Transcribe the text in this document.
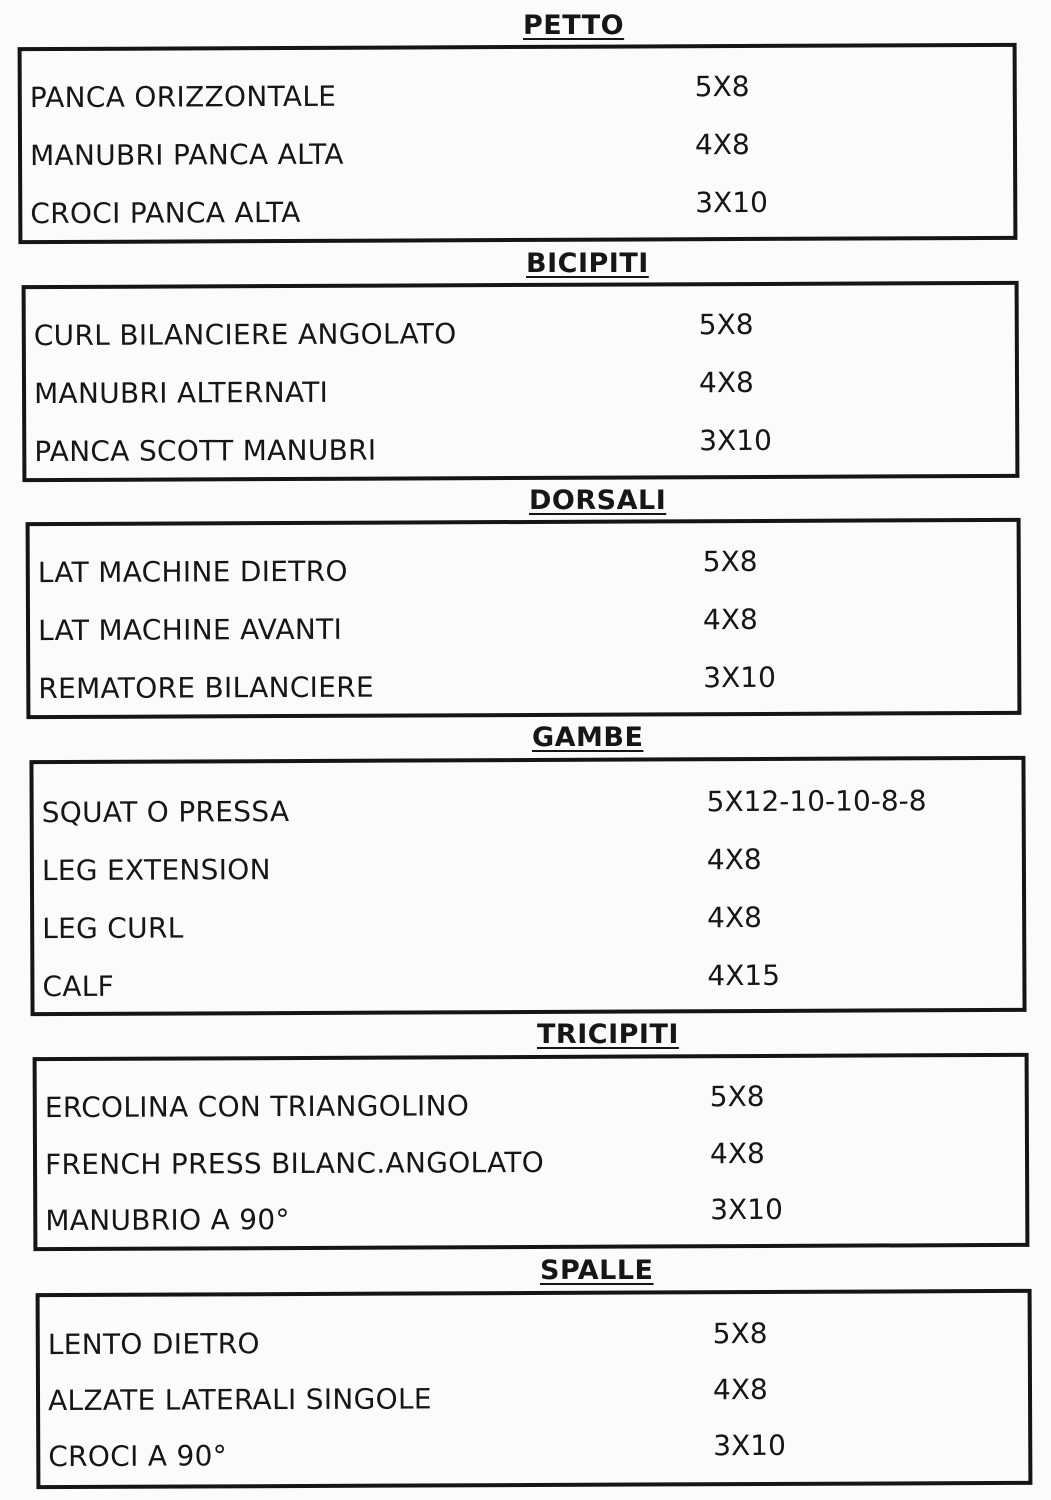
PETTO
PANCA ORIZZONTALE	5X8
MANUBRI PANCA ALTA	4X8
CROCI PANCA ALTA	3X10
BICIPITI
CURL BILANCIERE ANGOLATO	5X8
MANUBRI ALTERNATI	4X8
PANCA SCOTT MANUBRI	3X10
DORSALI
LAT MACHINE DIETRO	5X8
LAT MACHINE AVANTI	4X8
REMATORE BILANCIERE	3X10
GAMBE
SQUAT O PRESSA	5X12-10-10-8-8
LEG EXTENSION	4X8
LEG CURL	4X8
CALF	4X15
TRICIPITI
ERCOLINA CON TRIANGOLINO	5X8
FRENCH PRESS BILANC.ANGOLATO	4X8
MANUBRIO A 90°	3X10
SPALLE
LENTO DIETRO	5X8
ALZATE LATERALI SINGOLE	4X8
CROCI A 90°	3X10
